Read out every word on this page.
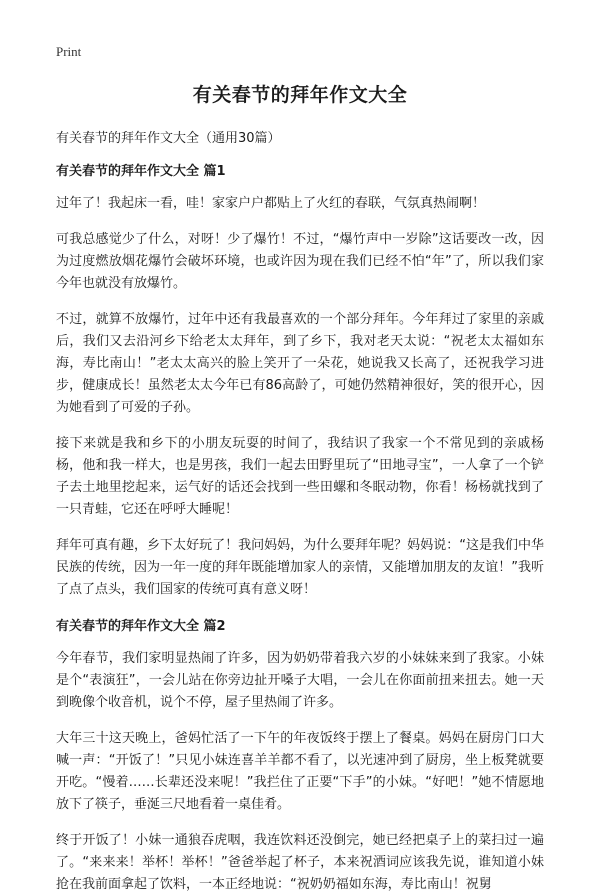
Print
有关春节的拜年作文大全
有关春节的拜年作文大全（通用30篇）
有关春节的拜年作文大全 篇1

过年了！我起床一看，哇！家家户户都贴上了火红的春联，气氛真热闹啊！

可我总感觉少了什么，对呀！少了爆竹！不过，“爆竹声中一岁除”这话要改一改，因为过度燃放烟花爆竹会破坏环境，也或许因为现在我们已经不怕“年”了，所以我们家今年也就没有放爆竹。

不过，就算不放爆竹，过年中还有我最喜欢的一个部分拜年。今年拜过了家里的亲戚后，我们又去沿河乡下给老太太拜年，到了乡下，我对老天太说：“祝老太太福如东海，寿比南山！”老太太高兴的脸上笑开了一朵花，她说我又长高了，还祝我学习进步，健康成长！虽然老太太今年已有86高龄了，可她仍然精神很好，笑的很开心，因为她看到了可爱的子孙。

接下来就是我和乡下的小朋友玩耍的时间了，我结识了我家一个不常见到的亲戚杨杨，他和我一样大，也是男孩，我们一起去田野里玩了“田地寻宝”，一人拿了一个铲子去土地里挖起来，运气好的话还会找到一些田螺和冬眠动物，你看！杨杨就找到了一只青蛙，它还在呼呼大睡呢！

拜年可真有趣，乡下太好玩了！我问妈妈，为什么要拜年呢？妈妈说：“这是我们中华民族的传统，因为一年一度的拜年既能增加家人的亲情，又能增加朋友的友谊！”我听了点了点头，我们国家的传统可真有意义呀！

有关春节的拜年作文大全 篇2

今年春节，我们家明显热闹了许多，因为奶奶带着我六岁的小妹妹来到了我家。小妹是个“表演狂”，一会儿站在你旁边扯开嗓子大唱，一会儿在你面前扭来扭去。她一天到晚像个收音机，说个不停，屋子里热闹了许多。

大年三十这天晚上，爸妈忙活了一下午的年夜饭终于摆上了餐桌。妈妈在厨房门口大喊一声：“开饭了！”只见小妹连喜羊羊都不看了，以光速冲到了厨房，坐上板凳就要开吃。“慢着……长辈还没来呢！”我拦住了正要“下手”的小妹。“好吧！”她不情愿地放下了筷子，垂涎三尺地看着一桌佳肴。

终于开饭了！小妹一通狼吞虎咽，我连饮料还没倒完，她已经把桌子上的菜扫过一遍了。“来来来！举杯！举杯！”爸爸举起了杯子，本来祝酒词应该我先说，谁知道小妹抢在我前面拿起了饮料，一本正经地说：“祝奶奶福如东海，寿比南山！祝舅
